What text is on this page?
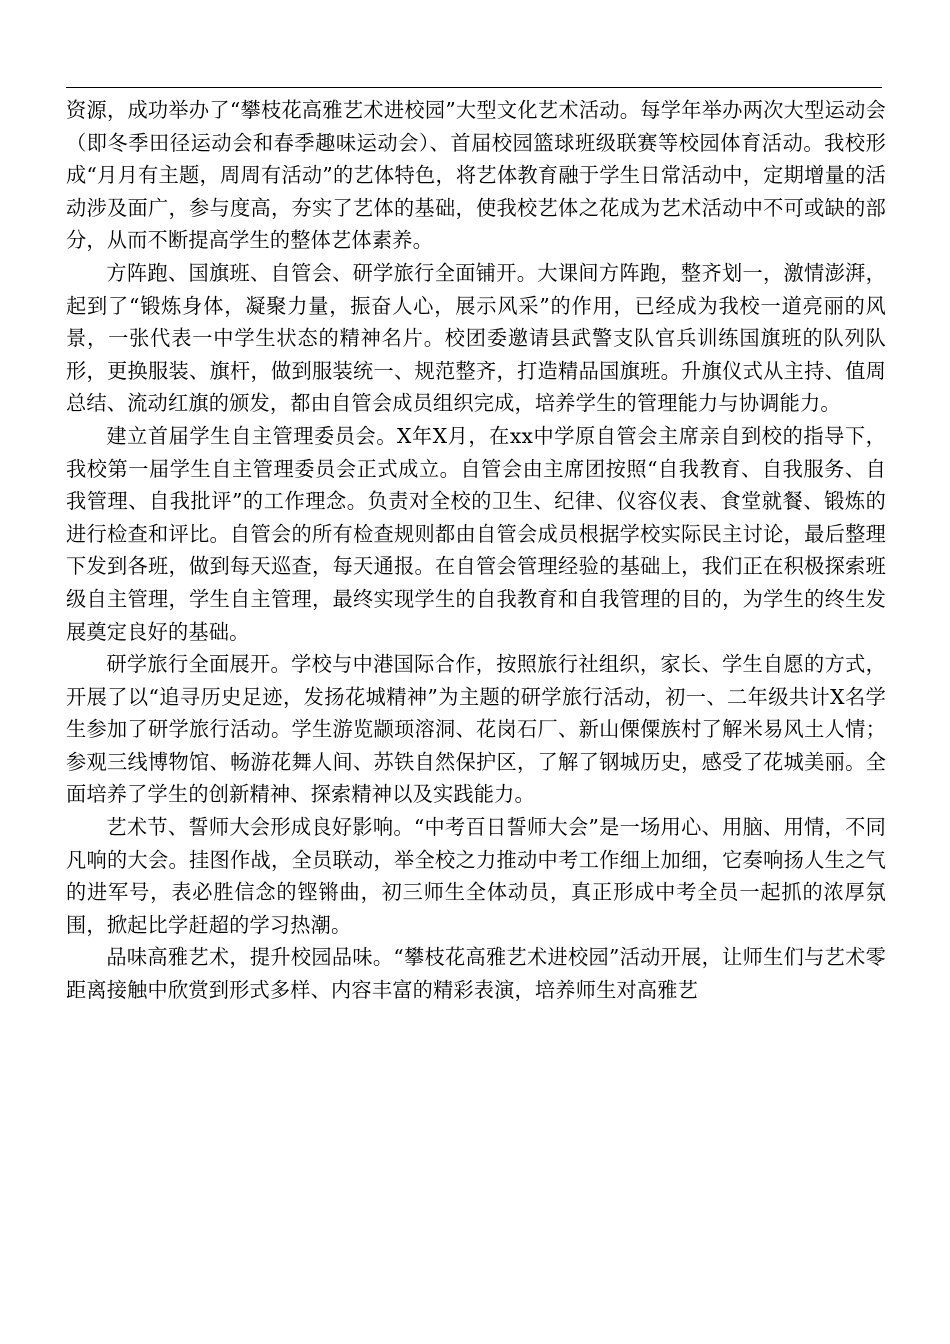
资源，成功举办了“攀枝花高雅艺术进校园”大型文化艺术活动。每学年举办两次大型运动会（即冬季田径运动会和春季趣味运动会）、首届校园篮球班级联赛等校园体育活动。我校形成“月月有主题，周周有活动”的艺体特色，将艺体教育融于学生日常活动中，定期增量的活动涉及面广，参与度高，夯实了艺体的基础，使我校艺体之花成为艺术活动中不可或缺的部分，从而不断提高学生的整体艺体素养。

方阵跑、国旗班、自管会、研学旅行全面铺开。大课间方阵跑，整齐划一，激情澎湃，起到了“锻炼身体，凝聚力量，振奋人心，展示风采”的作用，已经成为我校一道亮丽的风景，一张代表一中学生状态的精神名片。校团委邀请县武警支队官兵训练国旗班的队列队形，更换服装、旗杆，做到服装统一、规范整齐，打造精品国旗班。升旗仪式从主持、值周总结、流动红旗的颁发，都由自管会成员组织完成，培养学生的管理能力与协调能力。

建立首届学生自主管理委员会。X年X月，在xx中学原自管会主席亲自到校的指导下，我校第一届学生自主管理委员会正式成立。自管会由主席团按照“自我教育、自我服务、自我管理、自我批评”的工作理念。负责对全校的卫生、纪律、仪容仪表、食堂就餐、锻炼的进行检查和评比。自管会的所有检查规则都由自管会成员根据学校实际民主讨论，最后整理下发到各班，做到每天巡查，每天通报。在自管会管理经验的基础上，我们正在积极探索班级自主管理，学生自主管理，最终实现学生的自我教育和自我管理的目的，为学生的终生发展奠定良好的基础。

研学旅行全面展开。学校与中港国际合作，按照旅行社组织，家长、学生自愿的方式，开展了以“追寻历史足迹，发扬花城精神”为主题的研学旅行活动，初一、二年级共计X名学生参加了研学旅行活动。学生游览颛顼溶洞、花岗石厂、新山傈僳族村了解米易风土人情；参观三线博物馆、畅游花舞人间、苏铁自然保护区，了解了钢城历史，感受了花城美丽。全面培养了学生的创新精神、探索精神以及实践能力。

艺术节、誓师大会形成良好影响。“中考百日誓师大会”是一场用心、用脑、用情，不同凡响的大会。挂图作战，全员联动，举全校之力推动中考工作细上加细，它奏响扬人生之气的进军号，表必胜信念的铿锵曲，初三师生全体动员，真正形成中考全员一起抓的浓厚氛围，掀起比学赶超的学习热潮。

品味高雅艺术，提升校园品味。“攀枝花高雅艺术进校园”活动开展，让师生们与艺术零距离接触中欣赏到形式多样、内容丰富的精彩表演，培养师生对高雅艺
